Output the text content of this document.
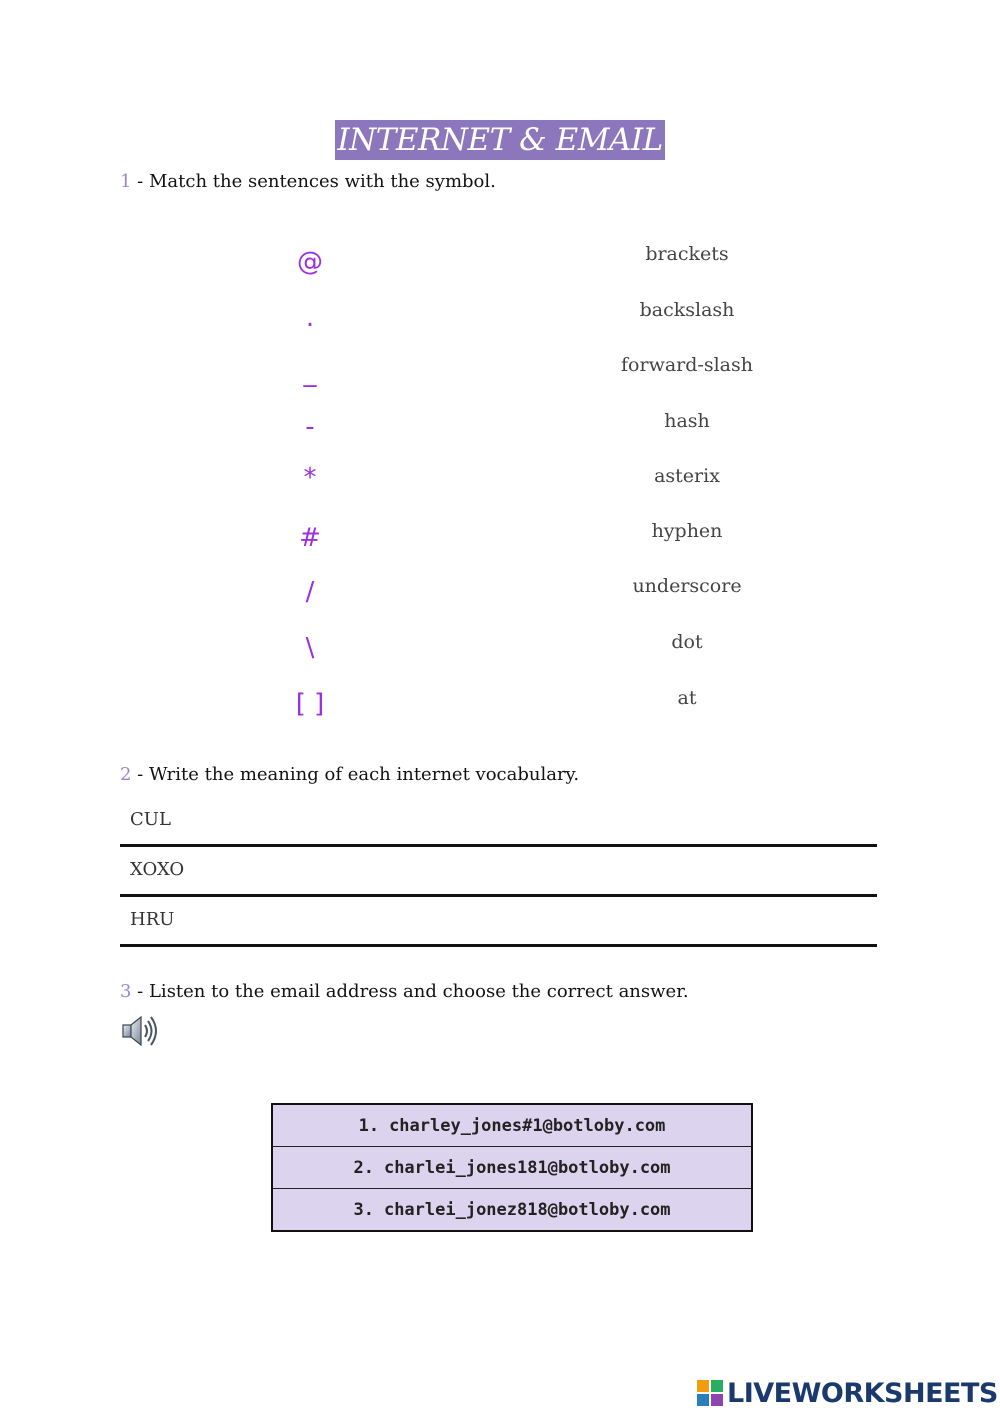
INTERNET & EMAIL
1 - Match the sentences with the symbol.
@
.
_
-
*
#
/
\
[ ]
brackets
backslash
forward-slash
hash
asterix
hyphen
underscore
dot
at
2 - Write the meaning of each internet vocabulary.
CUL
XOXO
HRU
3 - Listen to the email address and choose the correct answer.
1. charley_jones#1@botloby.com
2. charlei_jones181@botloby.com
3. charlei_jonez818@botloby.com
LIVEWORKSHEETS
